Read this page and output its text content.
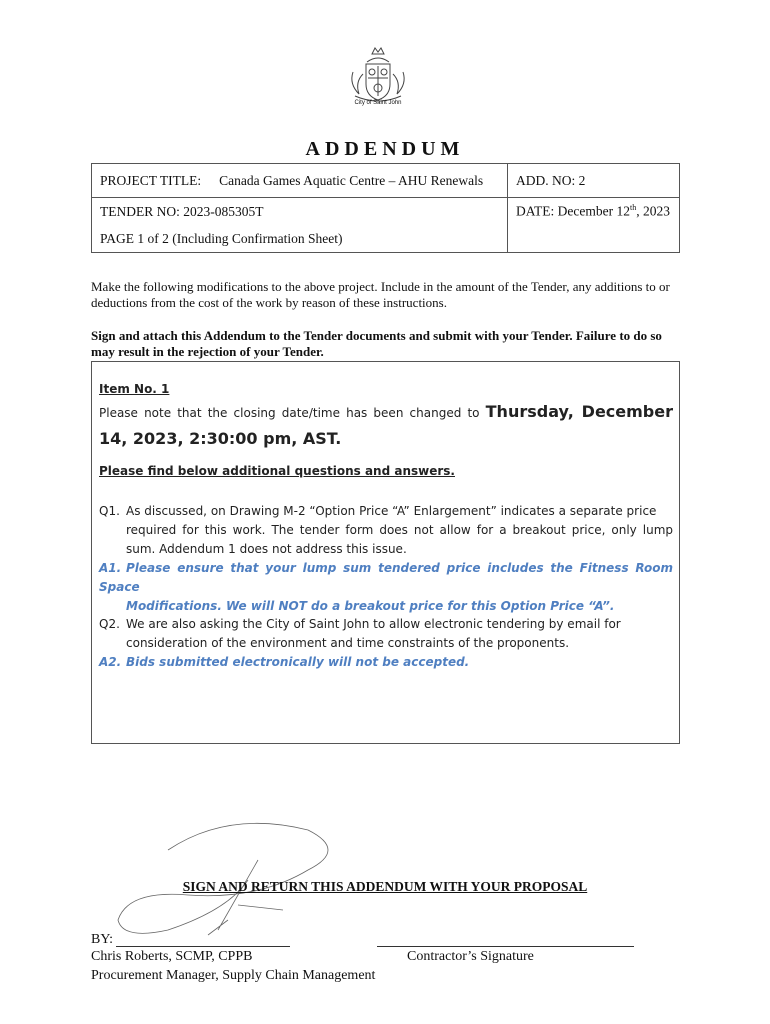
City of Saint John
ADDENDUM
PROJECT TITLE: Canada Games Aquatic Centre – AHU Renewals	ADD. NO: 2
TENDER NO: 2023-085305T	DATE: December 12th, 2023
PAGE 1 of 2 (Including Confirmation Sheet)	
Make the following modifications to the above project. Include in the amount of the Tender, any additions to or deductions from the cost of the work by reason of these instructions.
Sign and attach this Addendum to the Tender documents and submit with your Tender. Failure to do so may result in the rejection of your Tender.
Item No. 1
Please note that the closing date/time has been changed to Thursday, December 14, 2023, 2:30:00 pm, AST.
Please find below additional questions and answers.
Q1. As discussed, on Drawing M-2 “Option Price “A” Enlargement” indicates a separate price
required for this work. The tender form does not allow for a breakout price, only lump sum. Addendum 1 does not address this issue.
A1. Please ensure that your lump sum tendered price includes the Fitness Room Space
Modifications. We will NOT do a breakout price for this Option Price “A”.
Q2. We are also asking the City of Saint John to allow electronic tendering by email for
consideration of the environment and time constraints of the proponents.
A2. Bids submitted electronically will not be accepted.
SIGN AND RETURN THIS ADDENDUM WITH YOUR PROPOSAL
BY:
Chris Roberts, SCMP, CPPB
Procurement Manager, Supply Chain Management
Contractor’s Signature
